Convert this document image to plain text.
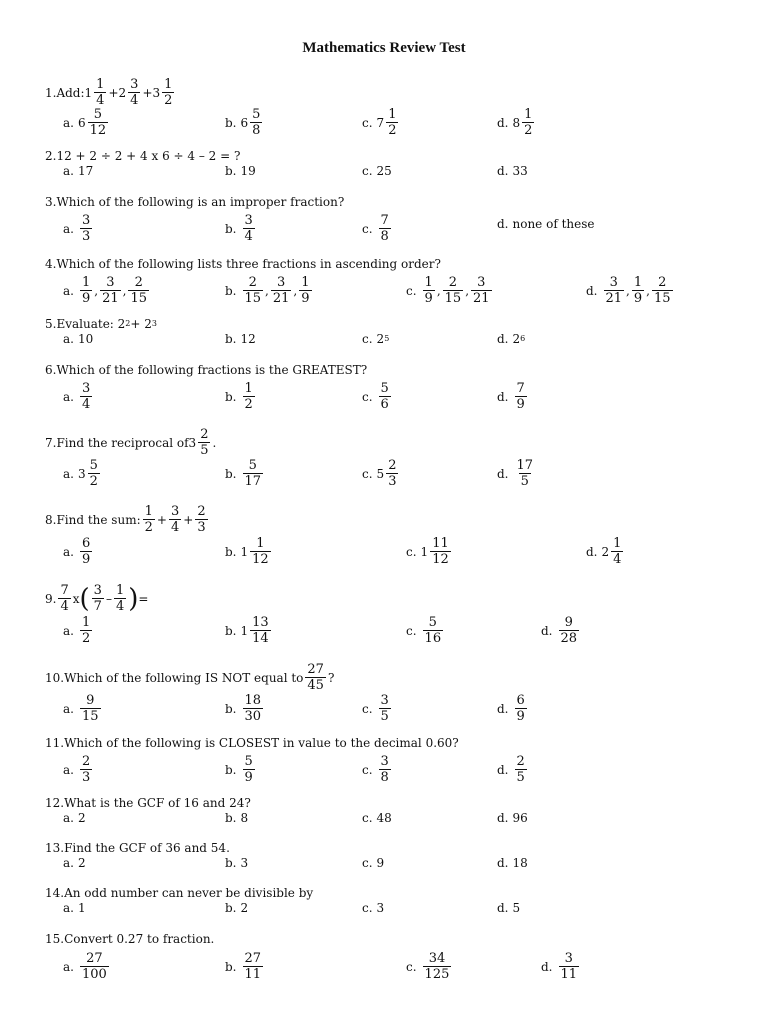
Mathematics Review Test
1. Add: $1 \frac{1}{4} + 2 \frac{3}{4} + 3 \frac{1}{2}$
a. $6 \frac{5}{12}$	b. $6 \frac{5}{8}$	c. $7 \frac{1}{2}$	d. $8 \frac{1}{2}$
2. 12 + 2 ÷ 2 + 4 x 6 ÷ 4 – 2 = ?
a. 17	b. 19	c. 25	d. 33
3. Which of the following is an improper fraction?
a. $\frac{3}{3}$	b. $\frac{3}{4}$	c. $\frac{7}{8}$	d. none of these
4. Which of the following lists three fractions in ascending order?
a. $\frac{1}{9}$ , $\frac{3}{21}$ , $\frac{2}{15}$	b. $\frac{2}{15}$ , $\frac{3}{21}$ , $\frac{1}{9}$	c. $\frac{1}{9}$ , $\frac{2}{15}$ , $\frac{3}{21}$	d. $\frac{3}{21}$ , $\frac{1}{9}$ , $\frac{2}{15}$
5. Evaluate: 2 2 + 2 3
a. 10	b. 12	c. 2 5	d. 2 6
6. Which of the following fractions is the GREATEST?
a. $\frac{3}{4}$	b. $\frac{1}{2}$	c. $\frac{5}{6}$	d. $\frac{7}{9}$
7. Find the reciprocal of $3 \frac{2}{5}$ .
a. $3 \frac{5}{2}$	b. $\frac{5}{17}$	c. $5 \frac{2}{3}$	d. $\frac{17}{5}$
8. Find the sum: $\frac{1}{2} + \frac{3}{4} + \frac{2}{3}$
a. $\frac{6}{9}$	b. $1 \frac{1}{12}$	c. $1 \frac{11}{12}$	d. $2 \frac{1}{4}$
9. $\frac{7}{4}$ x ( $\frac{3}{7} - \frac{1}{4}$ ) =
a. $\frac{1}{2}$	b. $1 \frac{13}{14}$	c. $\frac{5}{16}$	d. $\frac{9}{28}$
10. Which of the following IS NOT equal to $\frac{27}{45}$ ?
a. $\frac{9}{15}$	b. $\frac{18}{30}$	c. $\frac{3}{5}$	d. $\frac{6}{9}$
11. Which of the following is CLOSEST in value to the decimal 0.60?
a. $\frac{2}{3}$	b. $\frac{5}{9}$	c. $\frac{3}{8}$	d. $\frac{2}{5}$
12. What is the GCF of 16 and 24?
a. 2	b. 8	c. 48	d. 96
13. Find the GCF of 36 and 54.
a. 2	b. 3	c. 9	d. 18
14. An odd number can never be divisible by
a. 1	b. 2	c. 3	d. 5
15. Convert 0.27 to fraction.
a. $\frac{27}{100}$	b. $\frac{27}{11}$	c. $\frac{34}{125}$	d. $\frac{3}{11}$
